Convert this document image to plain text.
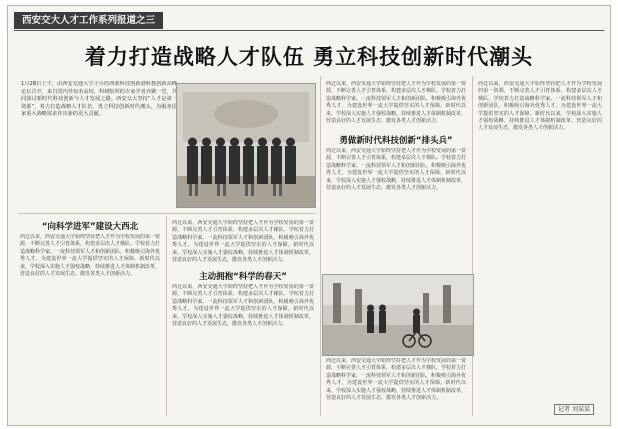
西安交大人才工作系列报道之三
着力打造战略人才队伍 勇立科技创新时代潮头
1月28日上午，由西安交通大学主办的西部科技创新港科教创新高峰论坛召开，来自国内外知名高校、科研院所的专家学者齐聚一堂，共同探讨新时代科技创新与人才发展之路。西安交大坚持“人才是第一资源”，着力打造战略人才队伍，勇立科技创新时代潮头，为服务国家重大战略需求作出新的更大贡献。
西迁以来，西安交通大学始终坚持把人才作为学校发展的第一资源，不断完善人才引育体系，构建多层次人才梯队。学校着力打造战略科学家、一流科技领军人才和创新团队，积极吸引海外优秀人才，为建设世界一流大学提供坚实的人才保障。新时代以来，学校深入实施人才强校战略，持续推进人才体制机制改革，营造良好的人才发展生态，激发各类人才创新活力。
勇做新时代科技创新“排头兵”
西迁以来，西安交通大学始终坚持把人才作为学校发展的第一资源，不断完善人才引育体系，构建多层次人才梯队。学校着力打造战略科学家、一流科技领军人才和创新团队，积极吸引海外优秀人才，为建设世界一流大学提供坚实的人才保障。新时代以来，学校深入实施人才强校战略，持续推进人才体制机制改革，营造良好的人才发展生态，激发各类人才创新活力。
西迁以来，西安交通大学始终坚持把人才作为学校发展的第一资源，不断完善人才引育体系，构建多层次人才梯队。学校着力打造战略科学家、一流科技领军人才和创新团队，积极吸引海外优秀人才，为建设世界一流大学提供坚实的人才保障。新时代以来，学校深入实施人才强校战略，持续推进人才体制机制改革，营造良好的人才发展生态，激发各类人才创新活力。
“向科学进军”建设大西北
西迁以来，西安交通大学始终坚持把人才作为学校发展的第一资源，不断完善人才引育体系，构建多层次人才梯队。学校着力打造战略科学家、一流科技领军人才和创新团队，积极吸引海外优秀人才，为建设世界一流大学提供坚实的人才保障。新时代以来，学校深入实施人才强校战略，持续推进人才体制机制改革，营造良好的人才发展生态，激发各类人才创新活力。
西迁以来，西安交通大学始终坚持把人才作为学校发展的第一资源，不断完善人才引育体系，构建多层次人才梯队。学校着力打造战略科学家、一流科技领军人才和创新团队，积极吸引海外优秀人才，为建设世界一流大学提供坚实的人才保障。新时代以来，学校深入实施人才强校战略，持续推进人才体制机制改革，营造良好的人才发展生态，激发各类人才创新活力。
主动拥抱“科学的春天”
西迁以来，西安交通大学始终坚持把人才作为学校发展的第一资源，不断完善人才引育体系，构建多层次人才梯队。学校着力打造战略科学家、一流科技领军人才和创新团队，积极吸引海外优秀人才，为建设世界一流大学提供坚实的人才保障。新时代以来，学校深入实施人才强校战略，持续推进人才体制机制改革，营造良好的人才发展生态，激发各类人才创新活力。
西迁以来，西安交通大学始终坚持把人才作为学校发展的第一资源，不断完善人才引育体系，构建多层次人才梯队。学校着力打造战略科学家、一流科技领军人才和创新团队，积极吸引海外优秀人才，为建设世界一流大学提供坚实的人才保障。新时代以来，学校深入实施人才强校战略，持续推进人才体制机制改革，营造良好的人才发展生态，激发各类人才创新活力。
记者 刘某某
